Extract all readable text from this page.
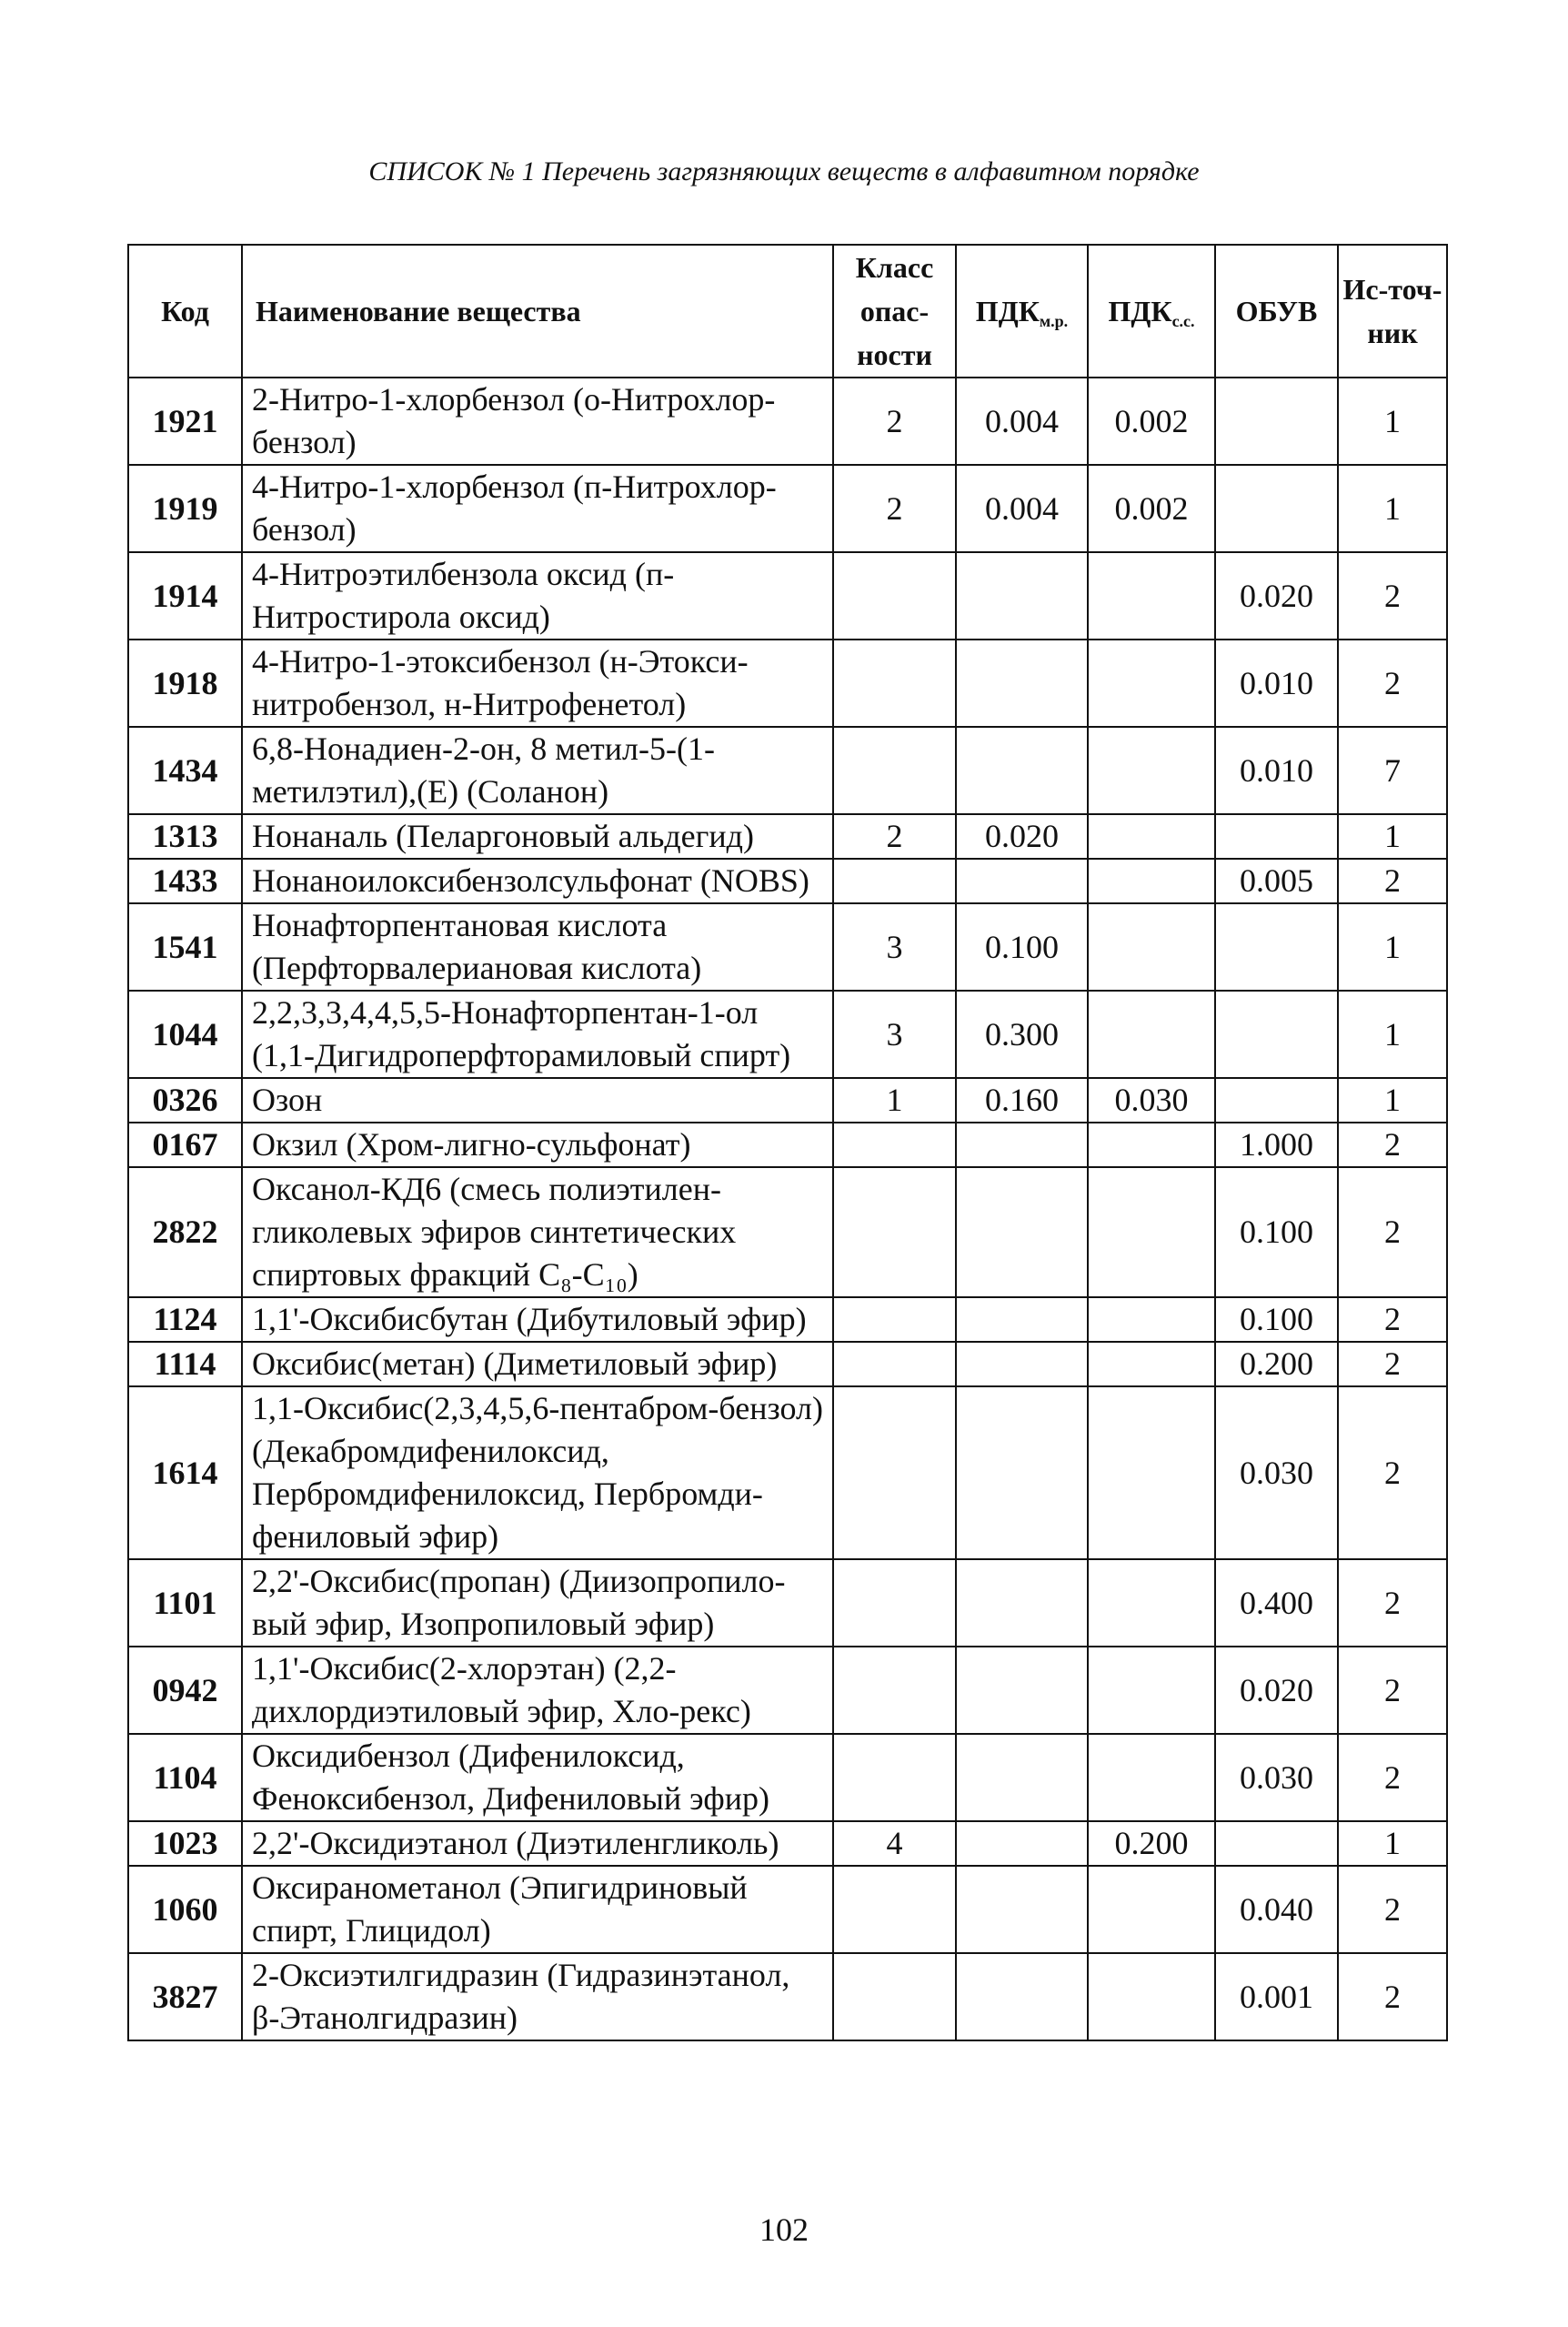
СПИСОК № 1 Перечень загрязняющих веществ в алфавитном порядке
Код	Наименование вещества	Класс опас-ности	$ПДК_{м.р.}$	$ПДК_{с.с.}$	ОБУВ	Ис-точ-ник
1921	2-Нитро-1-хлорбензол (о-Нитрохлор-бензол)	2	0.004	0.002		1
1919	4-Нитро-1-хлорбензол (п-Нитрохлор-бензол)	2	0.004	0.002		1
1914	4-Нитроэтилбензола оксид (п-Нитростирола оксид)				0.020	2
1918	4-Нитро-1-этоксибензол (н-Этокси-нитробензол, н-Нитрофенетол)				0.010	2
1434	6,8-Нонадиен-2-он, 8 метил-5-(1-метилэтил),(Е) (Соланон)				0.010	7
1313	Нонаналь (Пеларгоновый альдегид)	2	0.020			1
1433	Нонаноилоксибензолсульфонат (NOBS)				0.005	2
1541	Нонафторпентановая кислота (Перфторвалериановая кислота)	3	0.100			1
1044	2,2,3,3,4,4,5,5-Нонафторпентан-1-ол (1,1-Дигидроперфторамиловый спирт)	3	0.300			1
0326	Озон	1	0.160	0.030		1
0167	Окзил (Хром-лигно-сульфонат)				1.000	2
2822	Оксанол-КД6 (смесь полиэтилен-гликолевых эфиров синтетических спиртовых фракций С₈-С₁₀)				0.100	2
1124	1,1'-Оксибисбутан (Дибутиловый эфир)				0.100	2
1114	Оксибис(метан) (Диметиловый эфир)				0.200	2
1614	1,1-Оксибис(2,3,4,5,6-пентабром-бензол) (Декабромдифенилоксид, Пербромдифенилоксид, Пербромди-фениловый эфир)				0.030	2
1101	2,2'-Оксибис(пропан) (Диизопропило-вый эфир, Изопропиловый эфир)				0.400	2
0942	1,1'-Оксибис(2-хлорэтан) (2,2-дихлордиэтиловый эфир, Хло-рекс)				0.020	2
1104	Оксидибензол (Дифенилоксид, Феноксибензол, Дифениловый эфир)				0.030	2
1023	2,2'-Оксидиэтанол (Диэтиленгликоль)	4		0.200		1
1060	Оксиранометанол (Эпигидриновый спирт, Глицидол)				0.040	2
3827	2-Оксиэтилгидразин (Гидразинэтанол, β-Этанолгидразин)				0.001	2
102
